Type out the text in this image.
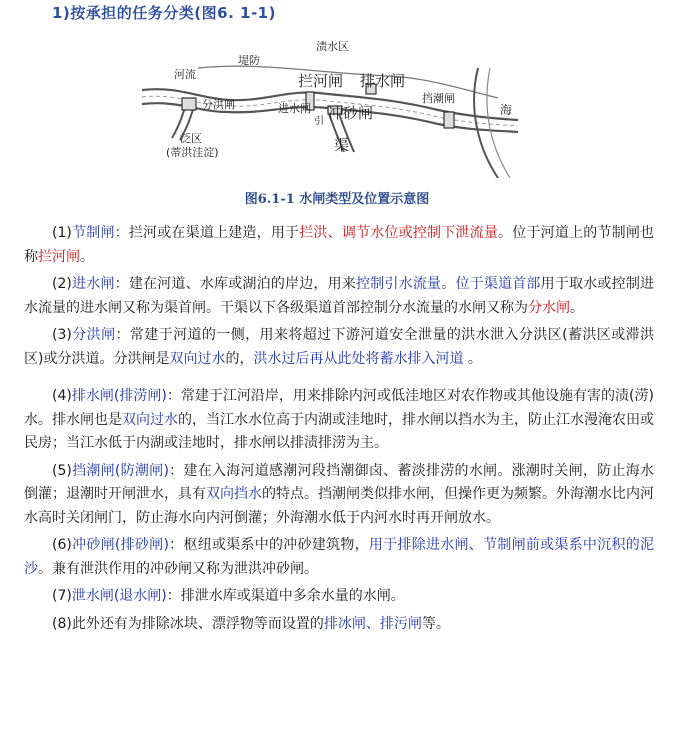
1)按承担的任务分类(图6. 1-1)
河流
堤防
渍水区
拦河闸 排水闸
挡潮闸
分洪闸	进水闸 冲砂闸
引
渠
泛区
(蒂洪洼淀)
海
图6.1-1 水闸类型及位置示意图

(1)节制闸：拦河或在渠道上建造，用于拦洪、调节水位或控制下泄流量。位于河道上的节制闸也称拦河闸。

(2)进水闸：建在河道、水库或湖泊的岸边，用来控制引水流量。位于渠道首部用于取水或控制进水流量的进水闸又称为渠首闸。干渠以下各级渠道首部控制分水流量的水闸又称为分水闸。

(3)分洪闸：常建于河道的一侧，用来将超过下游河道安全泄量的洪水泄入分洪区(蓄洪区或滞洪区)或分洪道。分洪闸是双向过水的，洪水过后再从此处将蓄水排入河道 。

(4)排水闸(排涝闸)：常建于江河沿岸，用来排除内河或低洼地区对农作物或其他设施有害的渍(涝)水。排水闸也是双向过水的，当江水水位高于内湖或洼地时，排水闸以挡水为主，防止江水漫淹农田或民房；当江水低于内湖或洼地时，排水闸以排渍排涝为主。

(5)挡潮闸(防潮闸)：建在入海河道感潮河段挡潮御卤、蓄淡排涝的水闸。涨潮时关闸，防止海水倒灌；退潮时开闸泄水，具有双向挡水的特点。挡潮闸类似排水闸，但操作更为频繁。外海潮水比内河水高时关闭闸门，防止海水向内河倒灌；外海潮水低于内河水时再开闸放水。

(6)冲砂闸(排砂闸)：枢纽或渠系中的冲砂建筑物，用于排除进水闸、节制闸前或渠系中沉积的泥沙。兼有泄洪作用的冲砂闸又称为泄洪冲砂闸。

(7)泄水闸(退水闸)：排泄水库或渠道中多余水量的水闸。

(8)此外还有为排除冰块、漂浮物等而设置的排冰闸、排污闸等。
